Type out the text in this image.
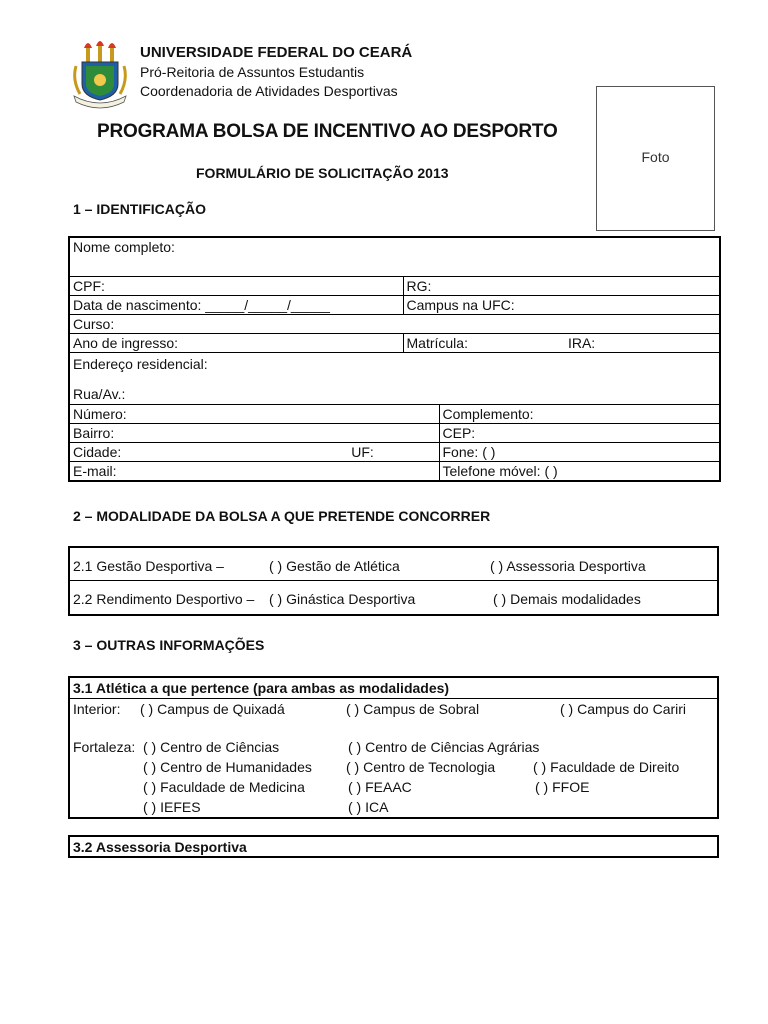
UNIVERSIDADE FEDERAL DO CEARÁ
Pró-Reitoria de Assuntos Estudantis
Coordenadoria de Atividades Desportivas
Foto
PROGRAMA BOLSA DE INCENTIVO AO DESPORTO
FORMULÁRIO DE SOLICITAÇÃO 2013
1 – IDENTIFICAÇÃO
Nome completo:		
CPF:	RG:	
Data de nascimento: _____/_____/_____	Campus na UFC:	
Curso:		
Ano de ingresso:	Matrícula: IRA:	

Endereço residencial:
Rua/Av.:		

Número:		Complemento:
Bairro:		CEP:
Cidade: UF:		Fone: ( )
E-mail:		Telefone móvel: ( )
2 – MODALIDADE DA BOLSA A QUE PRETENDE CONCORRER
2.1 Gestão Desportiva –	( ) Gestão de Atlética	( ) Assessoria Desportiva
2.2 Rendimento Desportivo – ( ) Ginástica Desportiva	( ) Demais modalidades
3 – OUTRAS INFORMAÇÕES
3.1 Atlética a que pertence (para ambas as modalidades)
Interior: ( ) Campus de Quixadá	( ) Campus de Sobral	( ) Campus do Cariri
Fortaleza: ( ) Centro de Ciências	( ) Centro de Ciências Agrárias
( ) Centro de Humanidades ( ) Centro de Tecnologia	( ) Faculdade de Direito
( ) Faculdade de Medicina	( ) FEAAC	( ) FFOE
( ) IEFES	( ) ICA
3.2 Assessoria Desportiva
